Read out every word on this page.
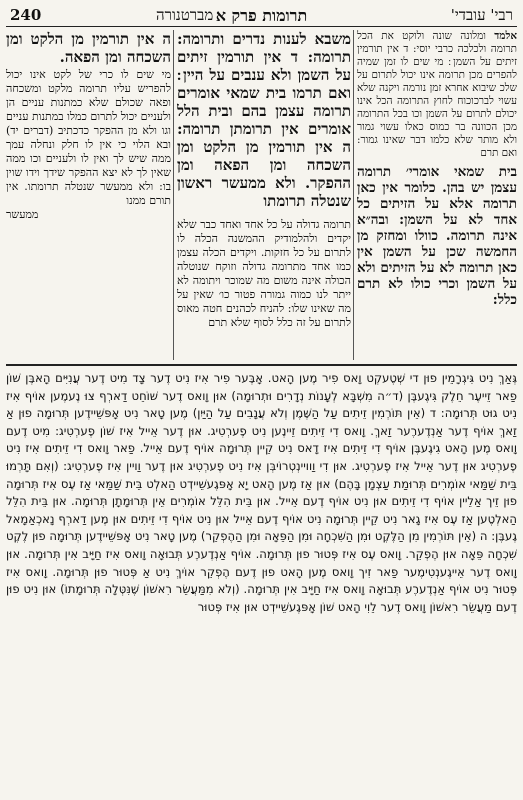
רבי' עובדי'
תרומות פרק א
מברטנורה
240
אלמד ומלונה שונה ולוקט את הכל תרומה ולכלכה כרבי יוסי: ד אין תורמין זיתים על השמן ׃ מי שים לו זמן שמיה להפרים מכן תרומה אינו יכול לתרום על שלכ שיבוא אחרא זמן נורמה ויקנה שלא עשוי לברכוכוח לחוץ התרומה הכל אינו יכולם לתרום על השמן וכו בכל התרומה מכן הכוונה בר כמוס כאלו עשוי גמור ולא מותר שלא כלמו דבר שאינו גמור: ואם תרם
בית שמאי אומרי׳ תרומה עצמן יש בהן. כלומר אין כאן תרומה אלא על הזיתים כל אחד לא על השמן: ובה״א אינה תרומה. כוולו ומחזק מן החמשה שכן על השמן אין כאן תרומה לא על הזיתים ולא על השמן וכרי כולו לא תרם כלל:
משבא לענות נדרים ותרומה: תרומה: ד אין תורמין זיתים על השמן ולא ענבים על היין ׃ ואם תרמו בית שמאי אומרים תרומה עצמן בהם ובית הלל אומרים אין תרומתן תרומה: ה אין תורמין מן הלקט ומן השכחה ומן הפאה ומן ההפקר. ולא ממעשר ראשון שנטלה תרומתו
תרומה גדולה על כל אחד ואחד כבר שלא יקדים ולהלמודיק ההמשנה הכלה לו לתרום על כל חזקות. ויקדים הכלה עצמן כמו אחד מתרומה גדולה וזוקח שנוטלה הכולה אינה משום מה שמוכר ויתומה לא ייתר לנו כמוה גמורה פטור כו׳ שאין על מה שאינו שלו: להניח לכהנים חטה מאוס לתרום על זה כלל לסוף שלא תרם
ה אין תורמין מן הלקט ומן השכחה ומן הפאה.
מי שים לו כרי של לקט אינו יכול להפריש עליו תרומה מלקט ומשכחה ופאה שכולם שלא כמתנות עניים הן ולעניים יכול לתרום כמלו במתנות עניים וגו ולא מן ההפקר כדכתיב (דברים יד) ובא הלוי כי אין לו חלק ונחלה עמך ממה שיש לך ואין לו ולעניים וכו ממה שאין לך לא יצא ההפקר שידך וידו שוין בו: ולא ממעשר שנטלה תרומתו. אין תורם ממנו
ממעשר

גְּאַךְ נִיט גִּיגְרָמֵין פוּן די שְׁטֶעקְט וָאס פִיר מֶען הָאט. אָבֶּער פִיר אִיז נִיט דֶער צָד מִיט דֶער עֲנִיִּים הָאבֶּן שׁוֹן פַאר זֵייעֶר חֵלֶק גִּיגֶעבֶּן (ד״ה מִשְׁבָּא לְעָנוֹת נְדָרִים וּתְרוּמָה) אוּן וָואס דֶער שׁוֹחֵט דַארְף צוּ נֶעמֶען אוֹיף אִיז נִיט גוּט תְּרוּמָה: ד (אֵין תּוֹרְמִין זֵיתִים עַל הַשֶּׁמֶן וְלֹא עֲנָבִים עַל הַיַּיִן) מֶען טָאר נִיט אָפּשֵׁיידֶען תְּרוּמָה פוּן אַ זַאךְ אוֹיף דֶער אַנְדֶערֶער זַאךְ. וָואס דִי זֵיתִים זֵיינֶען נִיט פֶערְטִיג. אוּן דֶער אֵייל אִיז שׁוֹן פֶערְטִיג: מִיט דֶעם וָואס מֶען הָאט גִיגֶעבֶּן אוֹיף דִי זֵיתִים אִיז דָאס נִיט קֵיין תְּרוּמָה אוֹיף דֶעם אֵייל. פַאר וָואס דִי זֵיתִים אִיז נִיט פֶערְטִיג אוּן דֶער אֵייל אִיז פֶערְטִיג. אוּן דִי וַוויינְטְרוֹיבְּן אִיז נִיט פֶערְטִיג אוּן דֶער וַויין אִיז פֶערְטִיג: (וְאִם תָּרְמוּ בֵּית שַׁמַּאי אוֹמְרִים תְּרוּמַת עַצְמָן בָּהֶם) אוּן אַז מֶען הָאט יָא אָפּגֶעשֵׁיידְט הַאלְט בֵּית שַׁמַּאי אַז עֶס אִיז תְּרוּמָה פוּן זֵיך אַלֵיין אוֹיף דִי זֵיתִים אוּן נִיט אוֹיף דֶעם אֵייל. אוּן בֵּית הִלֵּל אוֹמְרִים אֵין תְּרוּמָתָן תְּרוּמָה. אוּן בֵּית הִלֵּל הַאלְטֶען אַז עֶס אִיז גָאר נִיט קֵיין תְּרוּמָה נִיט אוֹיף דֶעם אֵייל אוּן נִיט אוֹיף דִי זֵיתִים אוּן מֶען דַארְף נָאכְאַמָאל גֶעבֶּן: ה (אֵין תּוֹרְמִין מִן הַלֶּקֶט וּמִן הַשִּׁכְחָה וּמִן הַפֵּאָה וּמִן הַהֶפְקֵר) מֶען טָאר נִיט אָפּשֵׁיידֶען תְּרוּמָה פוּן לֶקֶט שִׁכְחָה פֵּאָה אוּן הֶפְקֵר. וָואס עֶס אִיז פְּטוּר פוּן תְּרוּמָה. אוֹיף אַנְדֶערֶע תְּבוּאָה וָואס אִיז חַיָּיב אִין תְּרוּמָה. אוּן וָואס דֶער אֵייגֶענְטִימֶער פַאר זִיך וָואס מֶען הָאט פוּן דֶעם הֶפְקֵר אוֹיךְ נִיט אַ פְּטוּר פוּן תְּרוּמָה. וָואס אִיז פְּטוּר נִיט אוֹיף אַנְדֶערֶע תְּבוּאָה וָואס אִיז חַיָּיב אִין תְּרוּמָה. (וְלֹא מִמַּעֲשֵׂר רִאשׁוֹן שֶׁנִּטְּלָה תְּרוּמָתוֹ) אוּן נִיט פוּן דֶעם מַעֲשֵׂר רִאשׁוֹן וָואס דֶער לֵוִי הָאט שׁוֹן אָפּגֶעשֵׁיידְט אוּן אִיז פְּטוּר
